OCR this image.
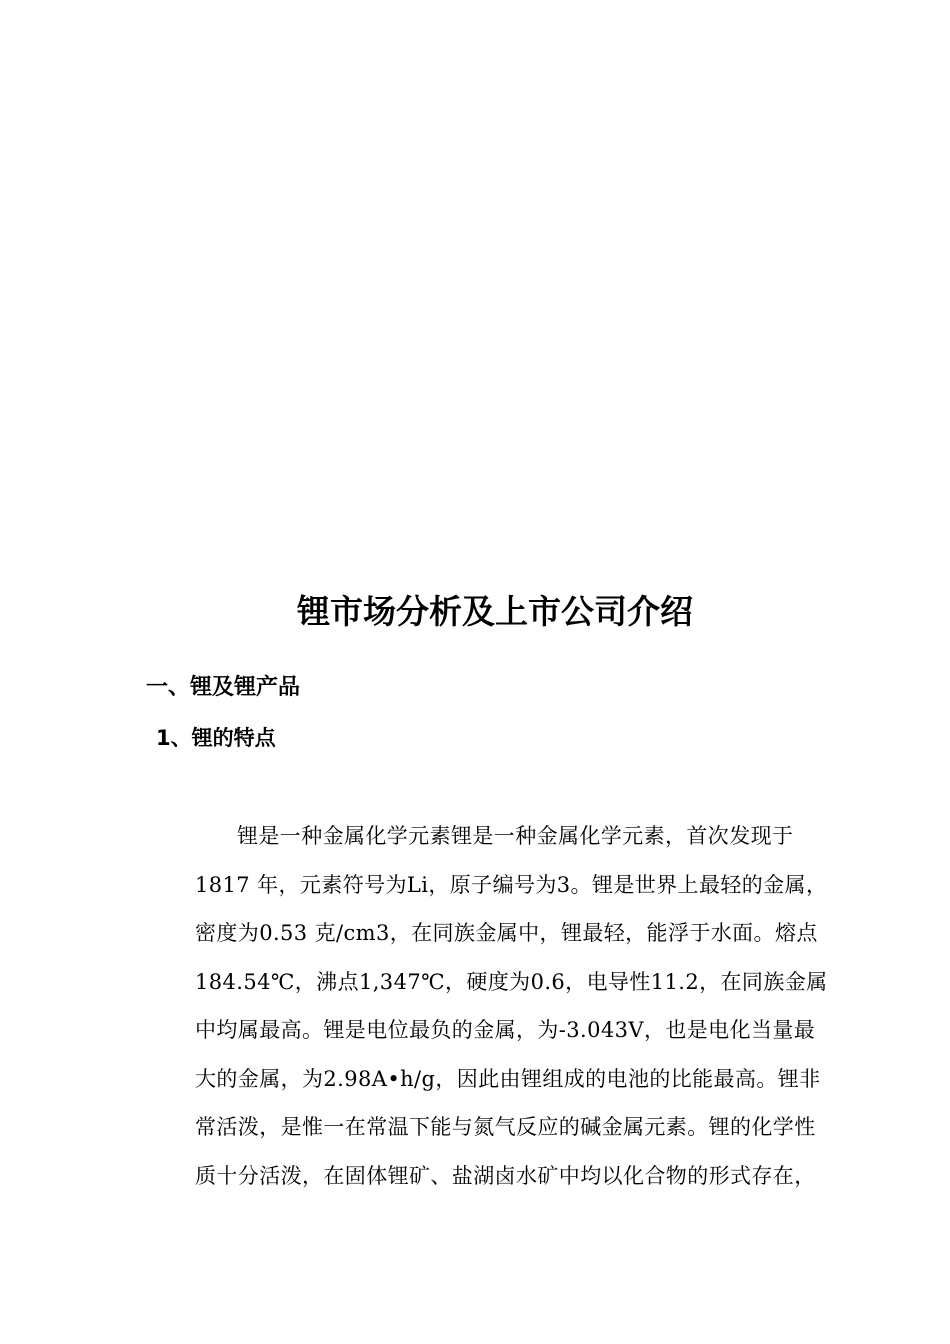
锂市场分析及上市公司介绍
一、锂及锂产品
1、锂的特点
锂是一种金属化学元素锂是一种金属化学元素，首次发现于
1817 年，元素符号为Li，原子编号为3。锂是世界上最轻的金属，
密度为0.53 克/cm3，在同族金属中，锂最轻，能浮于水面。熔点
184.54℃，沸点1,347℃，硬度为0.6，电导性11.2，在同族金属
中均属最高。锂是电位最负的金属，为-3.043V，也是电化当量最
大的金属，为2.98A•h/g，因此由锂组成的电池的比能最高。锂非
常活泼，是惟一在常温下能与氮气反应的碱金属元素。锂的化学性
质十分活泼，在固体锂矿、盐湖卤水矿中均以化合物的形式存在，
